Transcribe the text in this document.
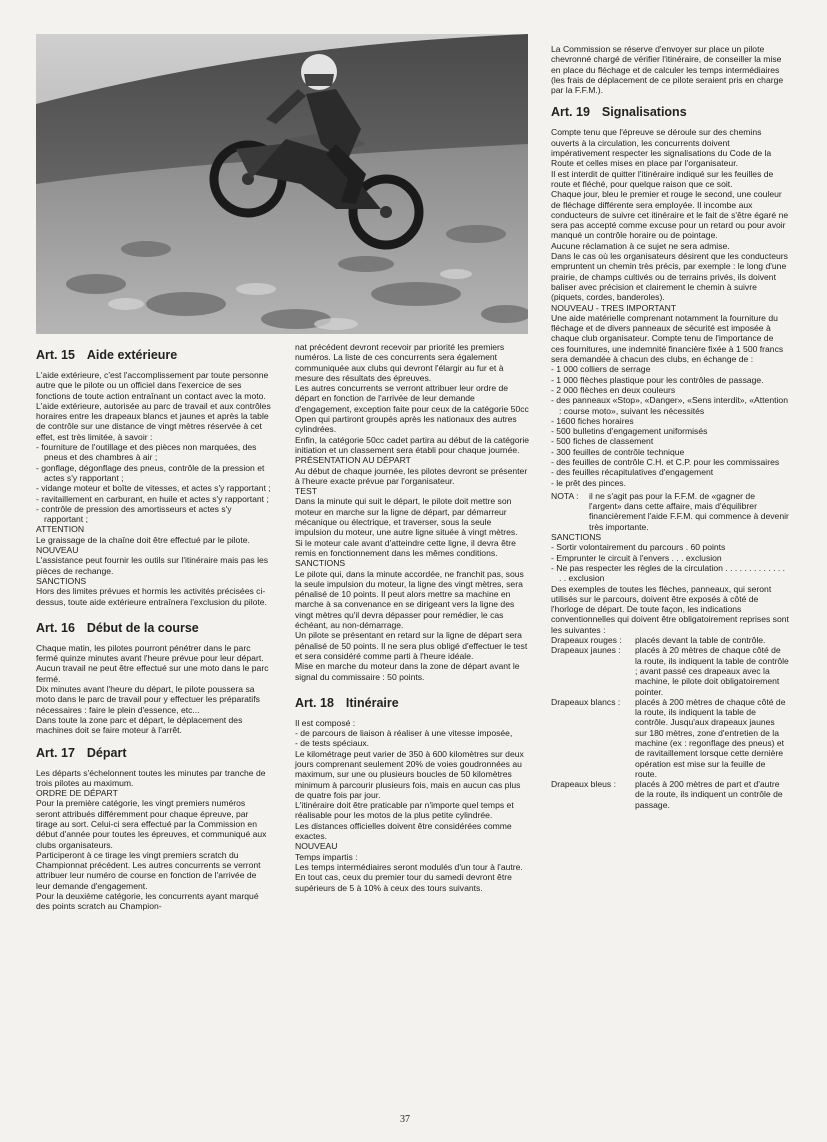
Art. 15 Aide extérieure

L'aide extérieure, c'est l'accomplissement par toute personne autre que le pilote ou un officiel dans l'exercice de ses fonctions de toute action entraînant un contact avec la moto.

L'aide extérieure, autorisée au parc de travail et aux contrôles horaires entre les drapeaux blancs et jaunes et après la table de contrôle sur une distance de vingt mètres réservée à cet effet, est très limitée, à savoir :

- fourniture de l'outillage et des pièces non marquées, des pneus et des chambres à air ;

- gonflage, dégonflage des pneus, contrôle de la pression et actes s'y rapportant ;

- vidange moteur et boîte de vitesses, et actes s'y rapportant ;

- ravitaillement en carburant, en huile et actes s'y rapportant ;

- contrôle de pression des amortisseurs et actes s'y rapportant ;

ATTENTION

Le graissage de la chaîne doit être effectué par le pilote.

NOUVEAU

L'assistance peut fournir les outils sur l'itinéraire mais pas les pièces de rechange.

SANCTIONS

Hors des limites prévues et hormis les activités précisées ci-dessus, toute aide extérieure entraînera l'exclusion du pilote.

Art. 16 Début de la course

Chaque matin, les pilotes pourront pénétrer dans le parc fermé quinze minutes avant l'heure prévue pour leur départ.

Aucun travail ne peut être effectué sur une moto dans le parc fermé.

Dix minutes avant l'heure du départ, le pilote poussera sa moto dans le parc de travail pour y effectuer les préparatifs nécessaires : faire le plein d'essence, etc...

Dans toute la zone parc et départ, le déplacement des machines doit se faire moteur à l'arrêt.

Art. 17 Départ

Les départs s'échelonnent toutes les minutes par tranche de trois pilotes au maximum.

ORDRE DE DÉPART

Pour la première catégorie, les vingt premiers numéros seront attribués différemment pour chaque épreuve, par tirage au sort. Celui-ci sera effectué par la Commission en début d'année pour toutes les épreuves, et communiqué aux clubs organisateurs.

Participeront à ce tirage les vingt premiers scratch du Championnat précédent. Les autres concurrents se verront attribuer leur numéro de course en fonction de l'arrivée de leur demande d'engagement.

Pour la deuxième catégorie, les concurrents ayant marqué des points scratch au Champion-

nat précédent devront recevoir par priorité les premiers numéros. La liste de ces concurrents sera également communiquée aux clubs qui devront l'élargir au fur et à mesure des résultats des épreuves.

Les autres concurrents se verront attribuer leur ordre de départ en fonction de l'arrivée de leur demande d'engagement, exception faite pour ceux de la catégorie 50cc Open qui partiront groupés après les nationaux des autres cylindrées.

Enfin, la catégorie 50cc cadet partira au début de la catégorie initiation et un classement sera établi pour chaque journée.

PRÉSENTATION AU DÉPART

Au début de chaque journée, les pilotes devront se présenter à l'heure exacte prévue par l'organisateur.

TEST

Dans la minute qui suit le départ, le pilote doit mettre son moteur en marche sur la ligne de départ, par démarreur mécanique ou électrique, et traverser, sous la seule impulsion du moteur, une autre ligne située à vingt mètres.

Si le moteur cale avant d'atteindre cette ligne, il devra être remis en fonctionnement dans les mêmes conditions.

SANCTIONS

Le pilote qui, dans la minute accordée, ne franchit pas, sous la seule impulsion du moteur, la ligne des vingt mètres, sera pénalisé de 10 points. Il peut alors mettre sa machine en marche à sa convenance en se dirigeant vers la ligne des vingt mètres qu'il devra dépasser pour remédier, le cas échéant, au non-démarrage.

Un pilote se présentant en retard sur la ligne de départ sera pénalisé de 50 points. Il ne sera plus obligé d'effectuer le test et sera considéré comme parti à l'heure idéale.

Mise en marche du moteur dans la zone de départ avant le signal du commissaire : 50 points.

Art. 18 Itinéraire

Il est composé :

- de parcours de liaison à réaliser à une vitesse imposée,

- de tests spéciaux.

Le kilométrage peut varier de 350 à 600 kilomètres sur deux jours comprenant seulement 20% de voies goudronnées au maximum, sur une ou plusieurs boucles de 50 kilomètres minimum à parcourir plusieurs fois, mais en aucun cas plus de quatre fois par jour.

L'itinéraire doit être praticable par n'importe quel temps et réalisable pour les motos de la plus petite cylindrée.

Les distances officielles doivent être considérées comme exactes.

NOUVEAU

Temps impartis :

Les temps intermédiaires seront modulés d'un tour à l'autre. En tout cas, ceux du premier tour du samedi devront être supérieurs de 5 à 10% à ceux des tours suivants.

La Commission se réserve d'envoyer sur place un pilote chevronné chargé de vérifier l'itinéraire, de conseiller la mise en place du fléchage et de calculer les temps intermédiaires (les frais de déplacement de ce pilote seraient pris en charge par la F.F.M.).

Art. 19 Signalisations

Compte tenu que l'épreuve se déroule sur des chemins ouverts à la circulation, les concurrents doivent impérativement respecter les signalisations du Code de la Route et celles mises en place par l'organisateur.

Il est interdit de quitter l'itinéraire indiqué sur les feuilles de route et fléché, pour quelque raison que ce soit.

Chaque jour, bleu le premier et rouge le second, une couleur de fléchage différente sera employée. Il incombe aux conducteurs de suivre cet itinéraire et le fait de s'être égaré ne sera pas accepté comme excuse pour un retard ou pour avoir manqué un contrôle horaire ou de pointage.

Aucune réclamation à ce sujet ne sera admise.

Dans le cas où les organisateurs désirent que les conducteurs empruntent un chemin très précis, par exemple : le long d'une prairie, de champs cultivés ou de terrains privés, ils doivent baliser avec précision et clairement le chemin à suivre (piquets, cordes, banderoles).

NOUVEAU - TRES IMPORTANT

Une aide matérielle comprenant notamment la fourniture du fléchage et de divers panneaux de sécurité est imposée à chaque club organisateur. Compte tenu de l'importance de ces fournitures, une indemnité financière fixée à 1 500 francs sera demandée à chacun des clubs, en échange de :

- 1 000 colliers de serrage

- 1 000 flèches plastique pour les contrôles de passage.

- 2 000 flèches en deux couleurs

- des panneaux «Stop», «Danger», «Sens interdit», «Attention : course moto», suivant les nécessités

- 1600 fiches horaires

- 500 bulletins d'engagement uniformisés

- 500 fiches de classement

- 300 feuilles de contrôle technique

- des feuilles de contrôle C.H. et C.P. pour les commissaires

- des feuilles récapitulatives d'engagement

- le prêt des pinces.

NOTA :	il ne s'agit pas pour la F.F.M. de «gagner de l'argent» dans cette affaire, mais d'équilibrer financièrement l'aide F.F.M. qui commence à devenir très importante.

SANCTIONS

- Sortir volontairement du parcours . 60 points

- Emprunter le circuit à l'envers . . . exclusion

- Ne pas respecter les règles de la circulation . . . . . . . . . . . . . . . exclusion

Des exemples de toutes les flèches, panneaux, qui seront utilisés sur le parcours, doivent être exposés à côté de l'horloge de départ. De toute façon, les indications conventionnelles qui doivent être obligatoirement reprises sont les suivantes :

Drapeaux rouges :	placés devant la table de contrôle.
Drapeaux jaunes :	placés à 20 mètres de chaque côté de la route, ils indiquent la table de contrôle ; avant passé ces drapeaux avec la machine, le pilote doit obligatoirement pointer.
Drapeaux blancs :	placés à 200 mètres de chaque côté de la route, ils indiquent la table de contrôle. Jusqu'aux drapeaux jaunes sur 180 mètres, zone d'entretien de la machine (ex : regonflage des pneus) et de ravitaillement lorsque cette dernière opération est mise sur la feuille de route.
Drapeaux bleus :	placés à 200 mètres de part et d'autre de la route, ils indiquent un contrôle de passage.
37
